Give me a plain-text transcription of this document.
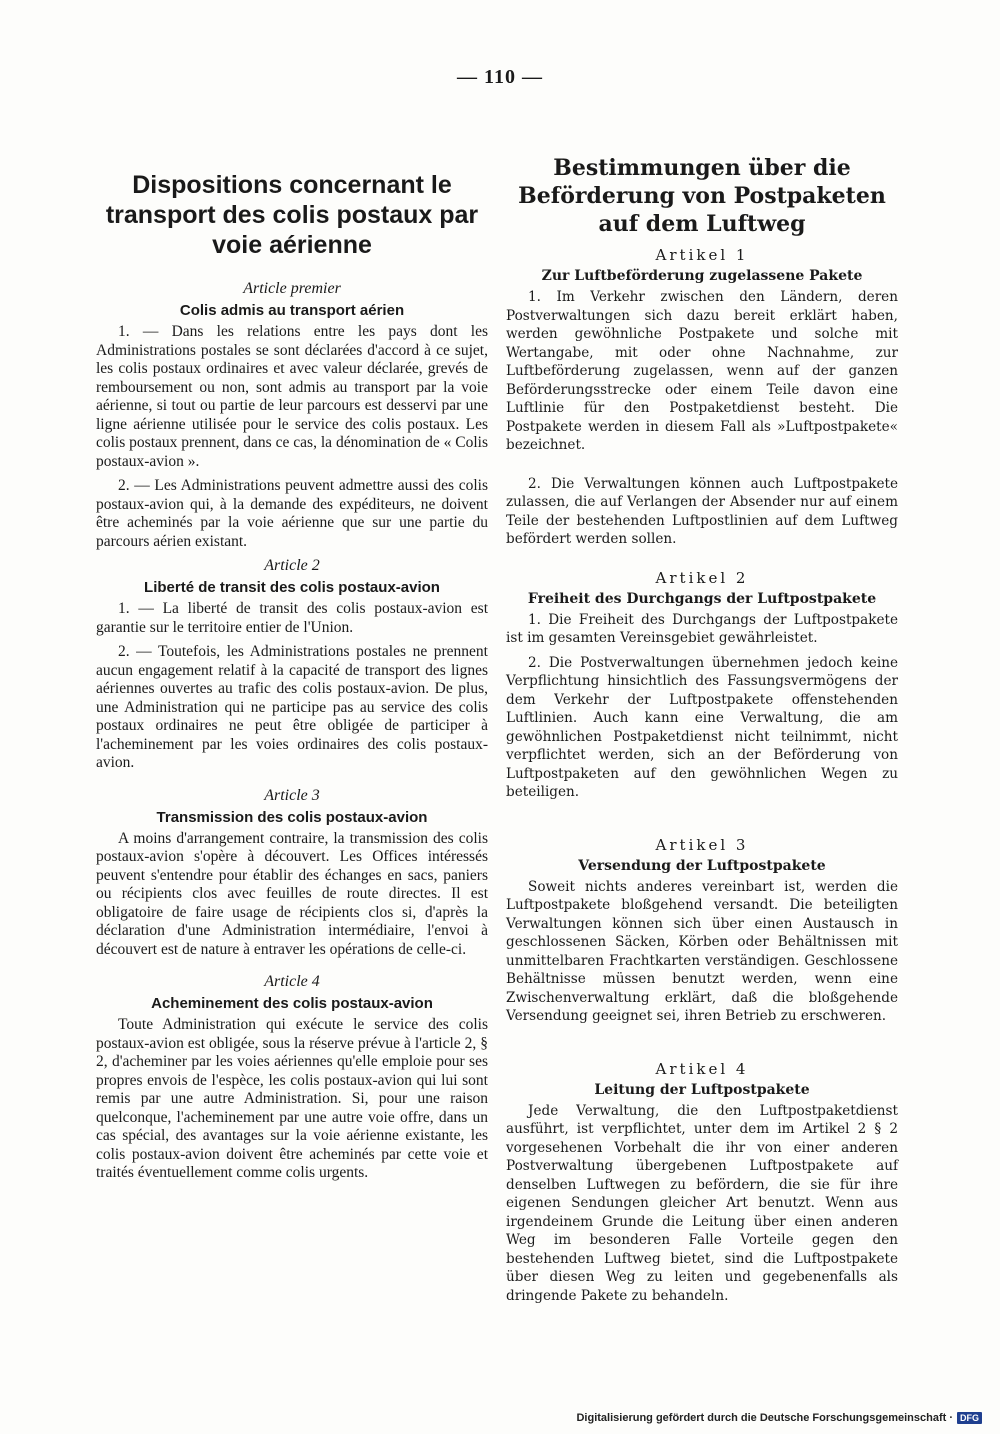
— 110 —
Dispositions concernant le transport des colis postaux par voie aérienne
Article premier
Colis admis au transport aérien

1. — Dans les relations entre les pays dont les Administrations postales se sont déclarées d'accord à ce sujet, les colis postaux ordinaires et avec valeur déclarée, grevés de remboursement ou non, sont admis au transport par la voie aérienne, si tout ou partie de leur parcours est desservi par une ligne aérienne utilisée pour le service des colis postaux. Les colis postaux prennent, dans ce cas, la dénomination de « Colis postaux-avion ».

2. — Les Administrations peuvent admettre aussi des colis postaux-avion qui, à la demande des expéditeurs, ne doivent être acheminés par la voie aérienne que sur une partie du parcours aérien existant.

Article 2
Liberté de transit des colis postaux-avion

1. — La liberté de transit des colis postaux-avion est garantie sur le territoire entier de l'Union.

2. — Toutefois, les Administrations postales ne prennent aucun engagement relatif à la capacité de transport des lignes aériennes ouvertes au trafic des colis postaux-avion. De plus, une Administration qui ne participe pas au service des colis postaux ordinaires ne peut être obligée de participer à l'acheminement par les voies ordinaires des colis postaux-avion.

Article 3
Transmission des colis postaux-avion

A moins d'arrangement contraire, la transmission des colis postaux-avion s'opère à découvert. Les Offices intéressés peuvent s'entendre pour établir des échanges en sacs, paniers ou récipients clos avec feuilles de route directes. Il est obligatoire de faire usage de récipients clos si, d'après la déclaration d'une Administration intermédiaire, l'envoi à découvert est de nature à entraver les opérations de celle-ci.

Article 4
Acheminement des colis postaux-avion

Toute Administration qui exécute le service des colis postaux-avion est obligée, sous la réserve prévue à l'article 2, § 2, d'acheminer par les voies aériennes qu'elle emploie pour ses propres envois de l'espèce, les colis postaux-avion qui lui sont remis par une autre Administration. Si, pour une raison quelconque, l'acheminement par une autre voie offre, dans un cas spécial, des avantages sur la voie aérienne existante, les colis postaux-avion doivent être acheminés par cette voie et traités éventuellement comme colis urgents.

Bestimmungen über die Beförderung von Postpaketen auf dem Luftweg
Artikel 1
Zur Luftbeförderung zugelassene Pakete

1. Im Verkehr zwischen den Ländern, deren Postverwaltungen sich dazu bereit erklärt haben, werden gewöhnliche Postpakete und solche mit Wertangabe, mit oder ohne Nachnahme, zur Luftbeförderung zugelassen, wenn auf der ganzen Beförderungsstrecke oder einem Teile davon eine Luftlinie für den Postpaketdienst besteht. Die Postpakete werden in diesem Fall als »Luftpostpakete« bezeichnet.

2. Die Verwaltungen können auch Luftpostpakete zulassen, die auf Verlangen der Absender nur auf einem Teile der bestehenden Luftpostlinien auf dem Luftweg befördert werden sollen.

Artikel 2
Freiheit des Durchgangs der Luftpostpakete

1. Die Freiheit des Durchgangs der Luftpostpakete ist im gesamten Vereinsgebiet gewährleistet.

2. Die Postverwaltungen übernehmen jedoch keine Verpflichtung hinsichtlich des Fassungsvermögens der dem Verkehr der Luftpostpakete offenstehenden Luftlinien. Auch kann eine Verwaltung, die am gewöhnlichen Postpaketdienst nicht teilnimmt, nicht verpflichtet werden, sich an der Beförderung von Luftpostpaketen auf den gewöhnlichen Wegen zu beteiligen.

Artikel 3
Versendung der Luftpostpakete

Soweit nichts anderes vereinbart ist, werden die Luftpostpakete bloßgehend versandt. Die beteiligten Verwaltungen können sich über einen Austausch in geschlossenen Säcken, Körben oder Behältnissen mit unmittelbaren Frachtkarten verständigen. Geschlossene Behältnisse müssen benutzt werden, wenn eine Zwischenverwaltung erklärt, daß die bloßgehende Versendung geeignet sei, ihren Betrieb zu erschweren.

Artikel 4
Leitung der Luftpostpakete

Jede Verwaltung, die den Luftpostpaketdienst ausführt, ist verpflichtet, unter dem im Artikel 2 § 2 vorgesehenen Vorbehalt die ihr von einer anderen Postverwaltung übergebenen Luftpostpakete auf denselben Luftwegen zu befördern, die sie für ihre eigenen Sendungen gleicher Art benutzt. Wenn aus irgendeinem Grunde die Leitung über einen anderen Weg im besonderen Falle Vorteile gegen den bestehenden Luftweg bietet, sind die Luftpostpakete über diesen Weg zu leiten und gegebenenfalls als dringende Pakete zu behandeln.

Digitalisierung gefördert durch die Deutsche Forschungsgemeinschaft · DFG
